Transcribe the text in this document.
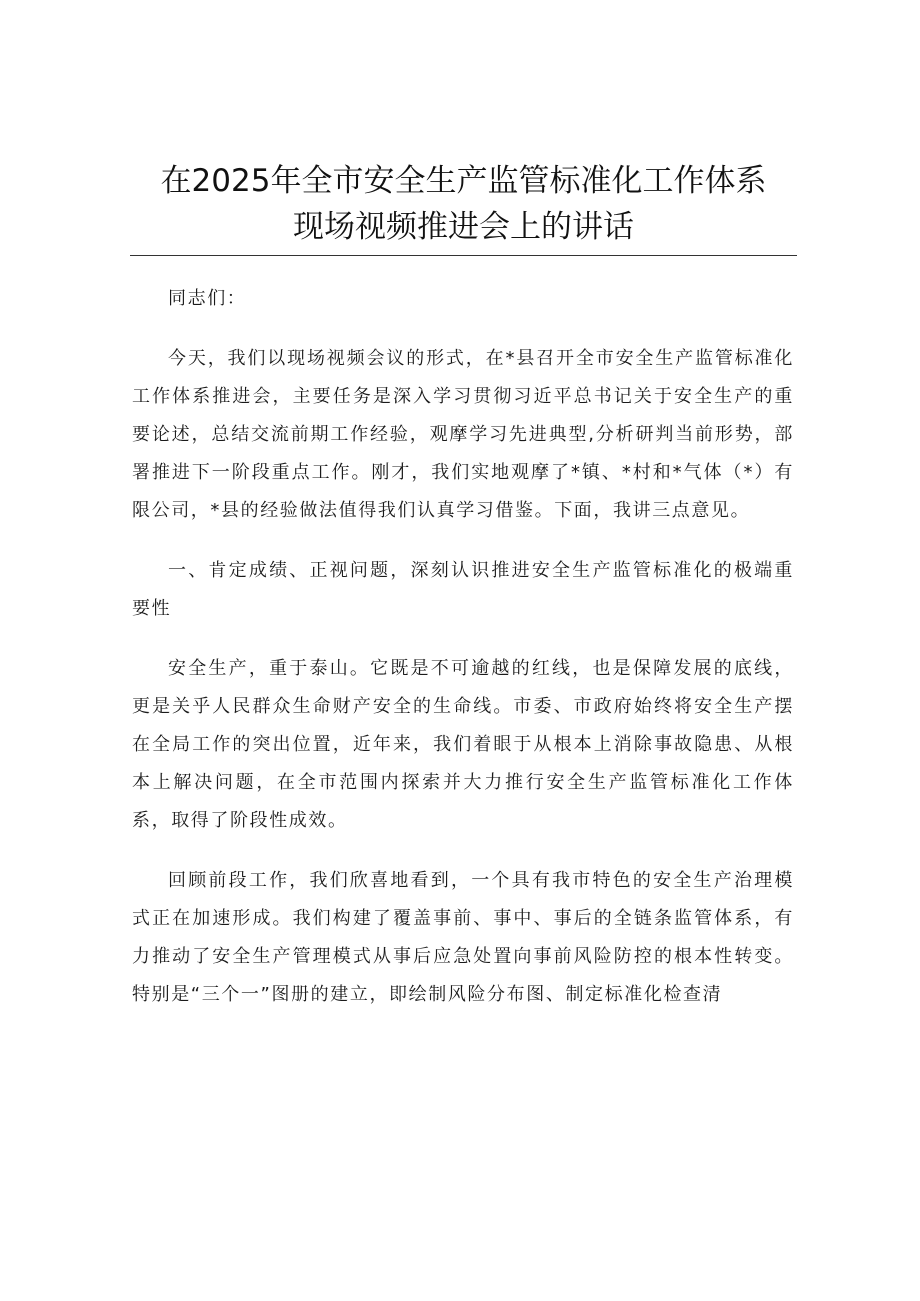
在2025年全市安全生产监管标准化工作体系
现场视频推进会上的讲话

同志们：

今天，我们以现场视频会议的形式，在*县召开全市安全生产监管标准化工作体系推进会，主要任务是深入学习贯彻习近平总书记关于安全生产的重要论述，总结交流前期工作经验，观摩学习先进典型,分析研判当前形势，部署推进下一阶段重点工作。刚才，我们实地观摩了*镇、*村和*气体（*）有限公司，*县的经验做法值得我们认真学习借鉴。下面，我讲三点意见。

一、肯定成绩、正视问题，深刻认识推进安全生产监管标准化的极端重要性

安全生产，重于泰山。它既是不可逾越的红线，也是保障发展的底线，更是关乎人民群众生命财产安全的生命线。市委、市政府始终将安全生产摆在全局工作的突出位置，近年来，我们着眼于从根本上消除事故隐患、从根本上解决问题，在全市范围内探索并大力推行安全生产监管标准化工作体系，取得了阶段性成效。

回顾前段工作，我们欣喜地看到，一个具有我市特色的安全生产治理模式正在加速形成。我们构建了覆盖事前、事中、事后的全链条监管体系，有力推动了安全生产管理模式从事后应急处置向事前风险防控的根本性转变。特别是“三个一”图册的建立，即绘制风险分布图、制定标准化检查清
